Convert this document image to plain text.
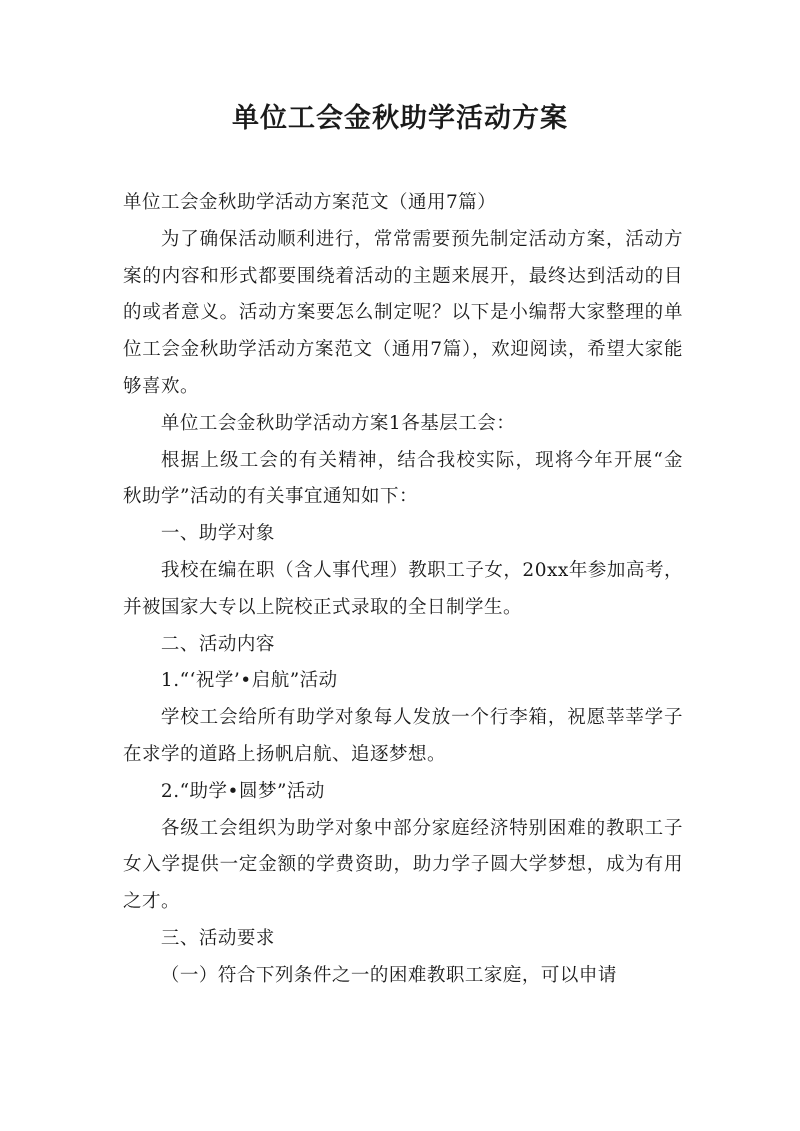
单位工会金秋助学活动方案

单位工会金秋助学活动方案范文（通用7篇）

为了确保活动顺利进行，常常需要预先制定活动方案，活动方案的内容和形式都要围绕着活动的主题来展开，最终达到活动的目的或者意义。活动方案要怎么制定呢？以下是小编帮大家整理的单位工会金秋助学活动方案范文（通用7篇），欢迎阅读，希望大家能够喜欢。

单位工会金秋助学活动方案1各基层工会：

根据上级工会的有关精神，结合我校实际，现将今年开展“金秋助学”活动的有关事宜通知如下：

一、助学对象

我校在编在职（含人事代理）教职工子女，20xx年参加高考，并被国家大专以上院校正式录取的全日制学生。

二、活动内容

1.“‘祝学’•启航”活动

学校工会给所有助学对象每人发放一个行李箱，祝愿莘莘学子在求学的道路上扬帆启航、追逐梦想。

2.“助学•圆梦”活动

各级工会组织为助学对象中部分家庭经济特别困难的教职工子女入学提供一定金额的学费资助，助力学子圆大学梦想，成为有用之才。

三、活动要求

（一）符合下列条件之一的困难教职工家庭，可以申请
